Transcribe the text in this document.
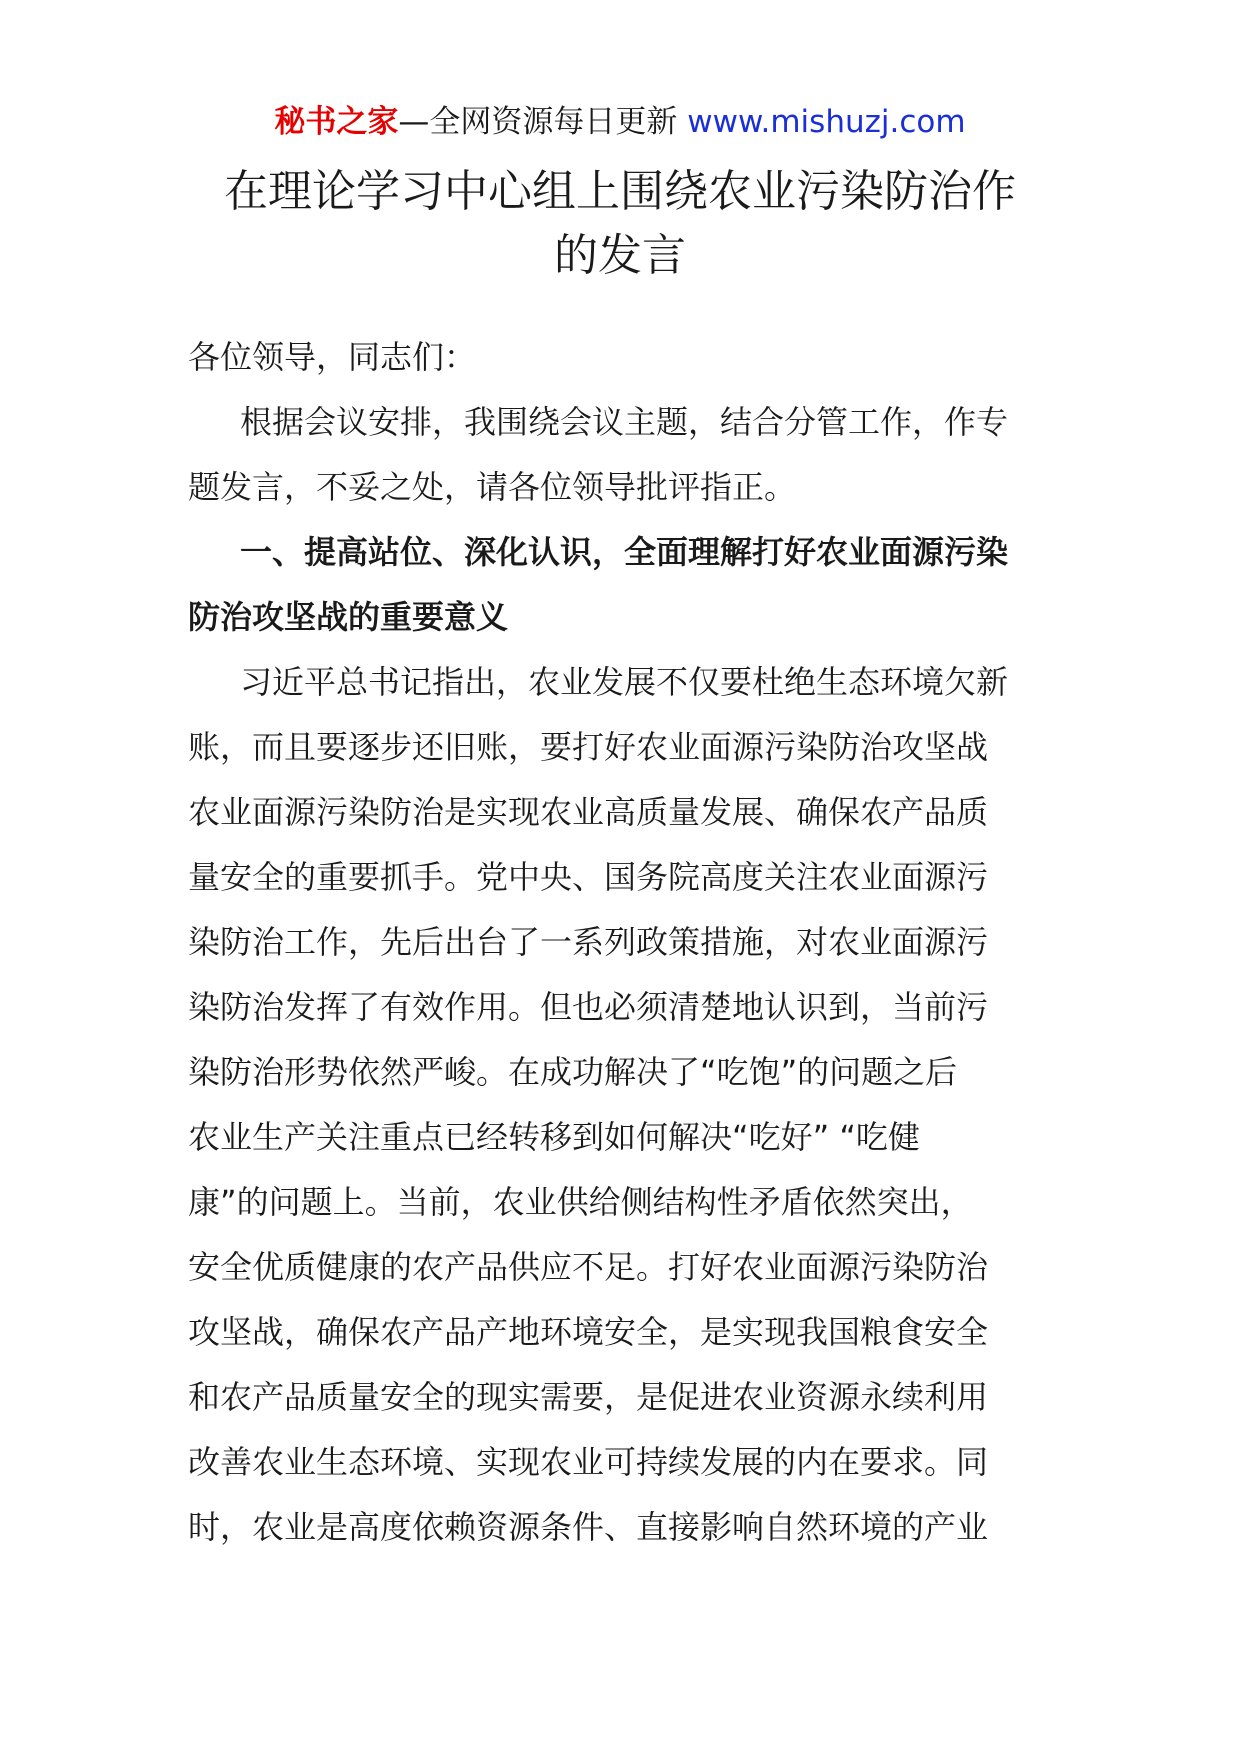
秘书之家—全网资源每日更新 www.mishuzj.com
在理论学习中心组上围绕农业污染防治作
的发言

各位领导，同志们：

根据会议安排，我围绕会议主题，结合分管工作，作专
题发言，不妥之处，请各位领导批评指正。

一、提高站位、深化认识，全面理解打好农业面源污染
防治攻坚战的重要意义

习近平总书记指出，农业发展不仅要杜绝生态环境欠新
账，而且要逐步还旧账，要打好农业面源污染防治攻坚战
农业面源污染防治是实现农业高质量发展、确保农产品质
量安全的重要抓手。党中央、国务院高度关注农业面源污
染防治工作，先后出台了一系列政策措施，对农业面源污
染防治发挥了有效作用。但也必须清楚地认识到，当前污
染防治形势依然严峻。在成功解决了“吃饱”的问题之后
农业生产关注重点已经转移到如何解决“吃好” “吃健
康”的问题上。当前，农业供给侧结构性矛盾依然突出，
安全优质健康的农产品供应不足。打好农业面源污染防治
攻坚战，确保农产品产地环境安全，是实现我国粮食安全
和农产品质量安全的现实需要，是促进农业资源永续利用
改善农业生态环境、实现农业可持续发展的内在要求。同
时，农业是高度依赖资源条件、直接影响自然环境的产业
